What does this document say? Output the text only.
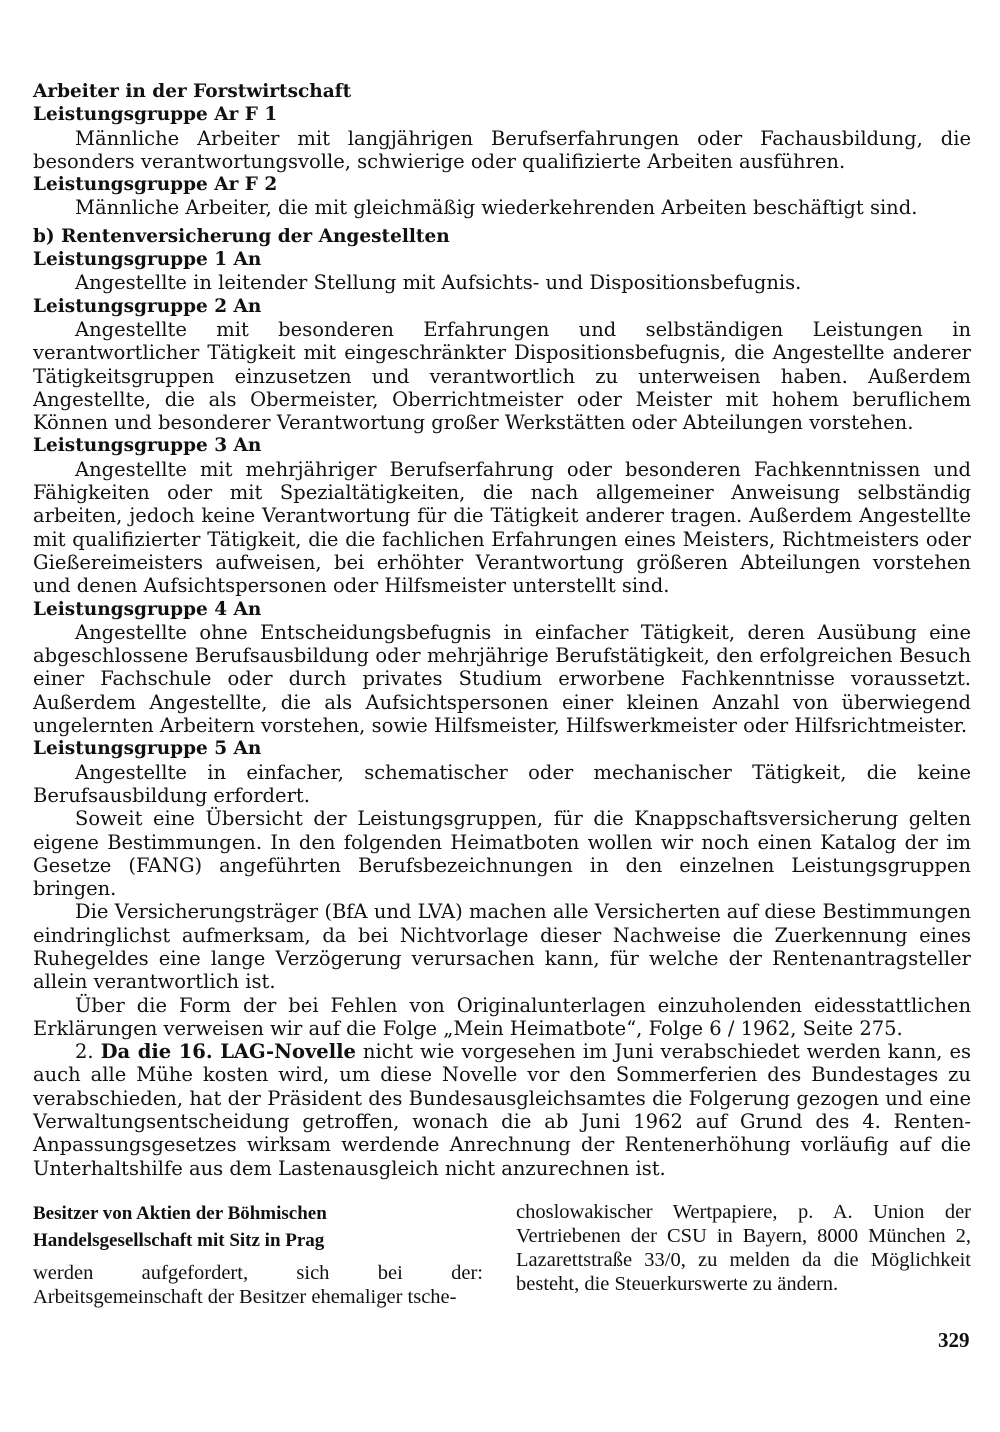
Arbeiter in der Forstwirtschaft
Leistungsgruppe Ar F 1

Männliche Arbeiter mit langjährigen Berufserfahrungen oder Fachausbildung, die besonders verantwortungsvolle, schwierige oder qualifizierte Arbeiten ausführen.

Leistungsgruppe Ar F 2

Männliche Arbeiter, die mit gleichmäßig wiederkehrenden Arbeiten beschäftigt sind.

b) Rentenversicherung der Angestellten
Leistungsgruppe 1 An

Angestellte in leitender Stellung mit Aufsichts- und Dispositionsbefugnis.

Leistungsgruppe 2 An

Angestellte mit besonderen Erfahrungen und selbständigen Leistungen in verantwortlicher Tätigkeit mit eingeschränkter Dispositionsbefugnis, die Angestellte anderer Tätigkeitsgruppen einzusetzen und verantwortlich zu unterweisen haben. Außerdem Angestellte, die als Obermeister, Oberrichtmeister oder Meister mit hohem beruflichem Können und besonderer Verantwortung großer Werkstätten oder Abteilungen vorstehen.

Leistungsgruppe 3 An

Angestellte mit mehrjähriger Berufserfahrung oder besonderen Fachkenntnissen und Fähigkeiten oder mit Spezialtätigkeiten, die nach allgemeiner Anweisung selbständig arbeiten, jedoch keine Verantwortung für die Tätigkeit anderer tragen. Außerdem Angestellte mit qualifizierter Tätigkeit, die die fachlichen Erfahrungen eines Meisters, Richtmeisters oder Gießereimeisters aufweisen, bei erhöhter Verantwortung größeren Abteilungen vorstehen und denen Aufsichtspersonen oder Hilfsmeister unterstellt sind.

Leistungsgruppe 4 An

Angestellte ohne Entscheidungsbefugnis in einfacher Tätigkeit, deren Ausübung eine abgeschlossene Berufsausbildung oder mehrjährige Berufstätigkeit, den erfolgreichen Besuch einer Fachschule oder durch privates Studium erworbene Fachkenntnisse voraussetzt. Außerdem Angestellte, die als Aufsichtspersonen einer kleinen Anzahl von überwiegend ungelernten Arbeitern vorstehen, sowie Hilfsmeister, Hilfswerkmeister oder Hilfsrichtmeister.

Leistungsgruppe 5 An

Angestellte in einfacher, schematischer oder mechanischer Tätigkeit, die keine Berufsausbildung erfordert.

Soweit eine Übersicht der Leistungsgruppen, für die Knappschaftsversicherung gelten eigene Bestimmungen. In den folgenden Heimatboten wollen wir noch einen Katalog der im Gesetze (FANG) angeführten Berufsbezeichnungen in den einzelnen Leistungsgruppen bringen.

Die Versicherungsträger (BfA und LVA) machen alle Versicherten auf diese Bestimmungen eindringlichst aufmerksam, da bei Nichtvorlage dieser Nachweise die Zuerkennung eines Ruhegeldes eine lange Verzögerung verursachen kann, für welche der Rentenantragsteller allein verantwortlich ist.

Über die Form der bei Fehlen von Originalunterlagen einzuholenden eidesstattlichen Erklärungen verweisen wir auf die Folge „Mein Heimatbote“, Folge 6 / 1962, Seite 275.

2. Da die 16. LAG-Novelle nicht wie vorgesehen im Juni verabschiedet werden kann, es auch alle Mühe kosten wird, um diese Novelle vor den Sommerferien des Bundestages zu verabschieden, hat der Präsident des Bundesausgleichsamtes die Folgerung gezogen und eine Verwaltungsentscheidung getroffen, wonach die ab Juni 1962 auf Grund des 4. Renten-Anpassungsgesetzes wirksam werdende Anrechnung der Rentenerhöhung vorläufig auf die Unterhaltshilfe aus dem Lastenausgleich nicht anzurechnen ist.

Besitzer von Aktien der Böhmischen Handelsgesellschaft mit Sitz in Prag

werden aufgefordert, sich bei der: Arbeitsgemeinschaft der Besitzer ehemaliger tsche-

choslowakischer Wertpapiere, p. A. Union der Vertriebenen der CSU in Bayern, 8000 München 2, Lazarettstraße 33/0, zu melden da die Möglichkeit besteht, die Steuerkurswerte zu ändern.

329
